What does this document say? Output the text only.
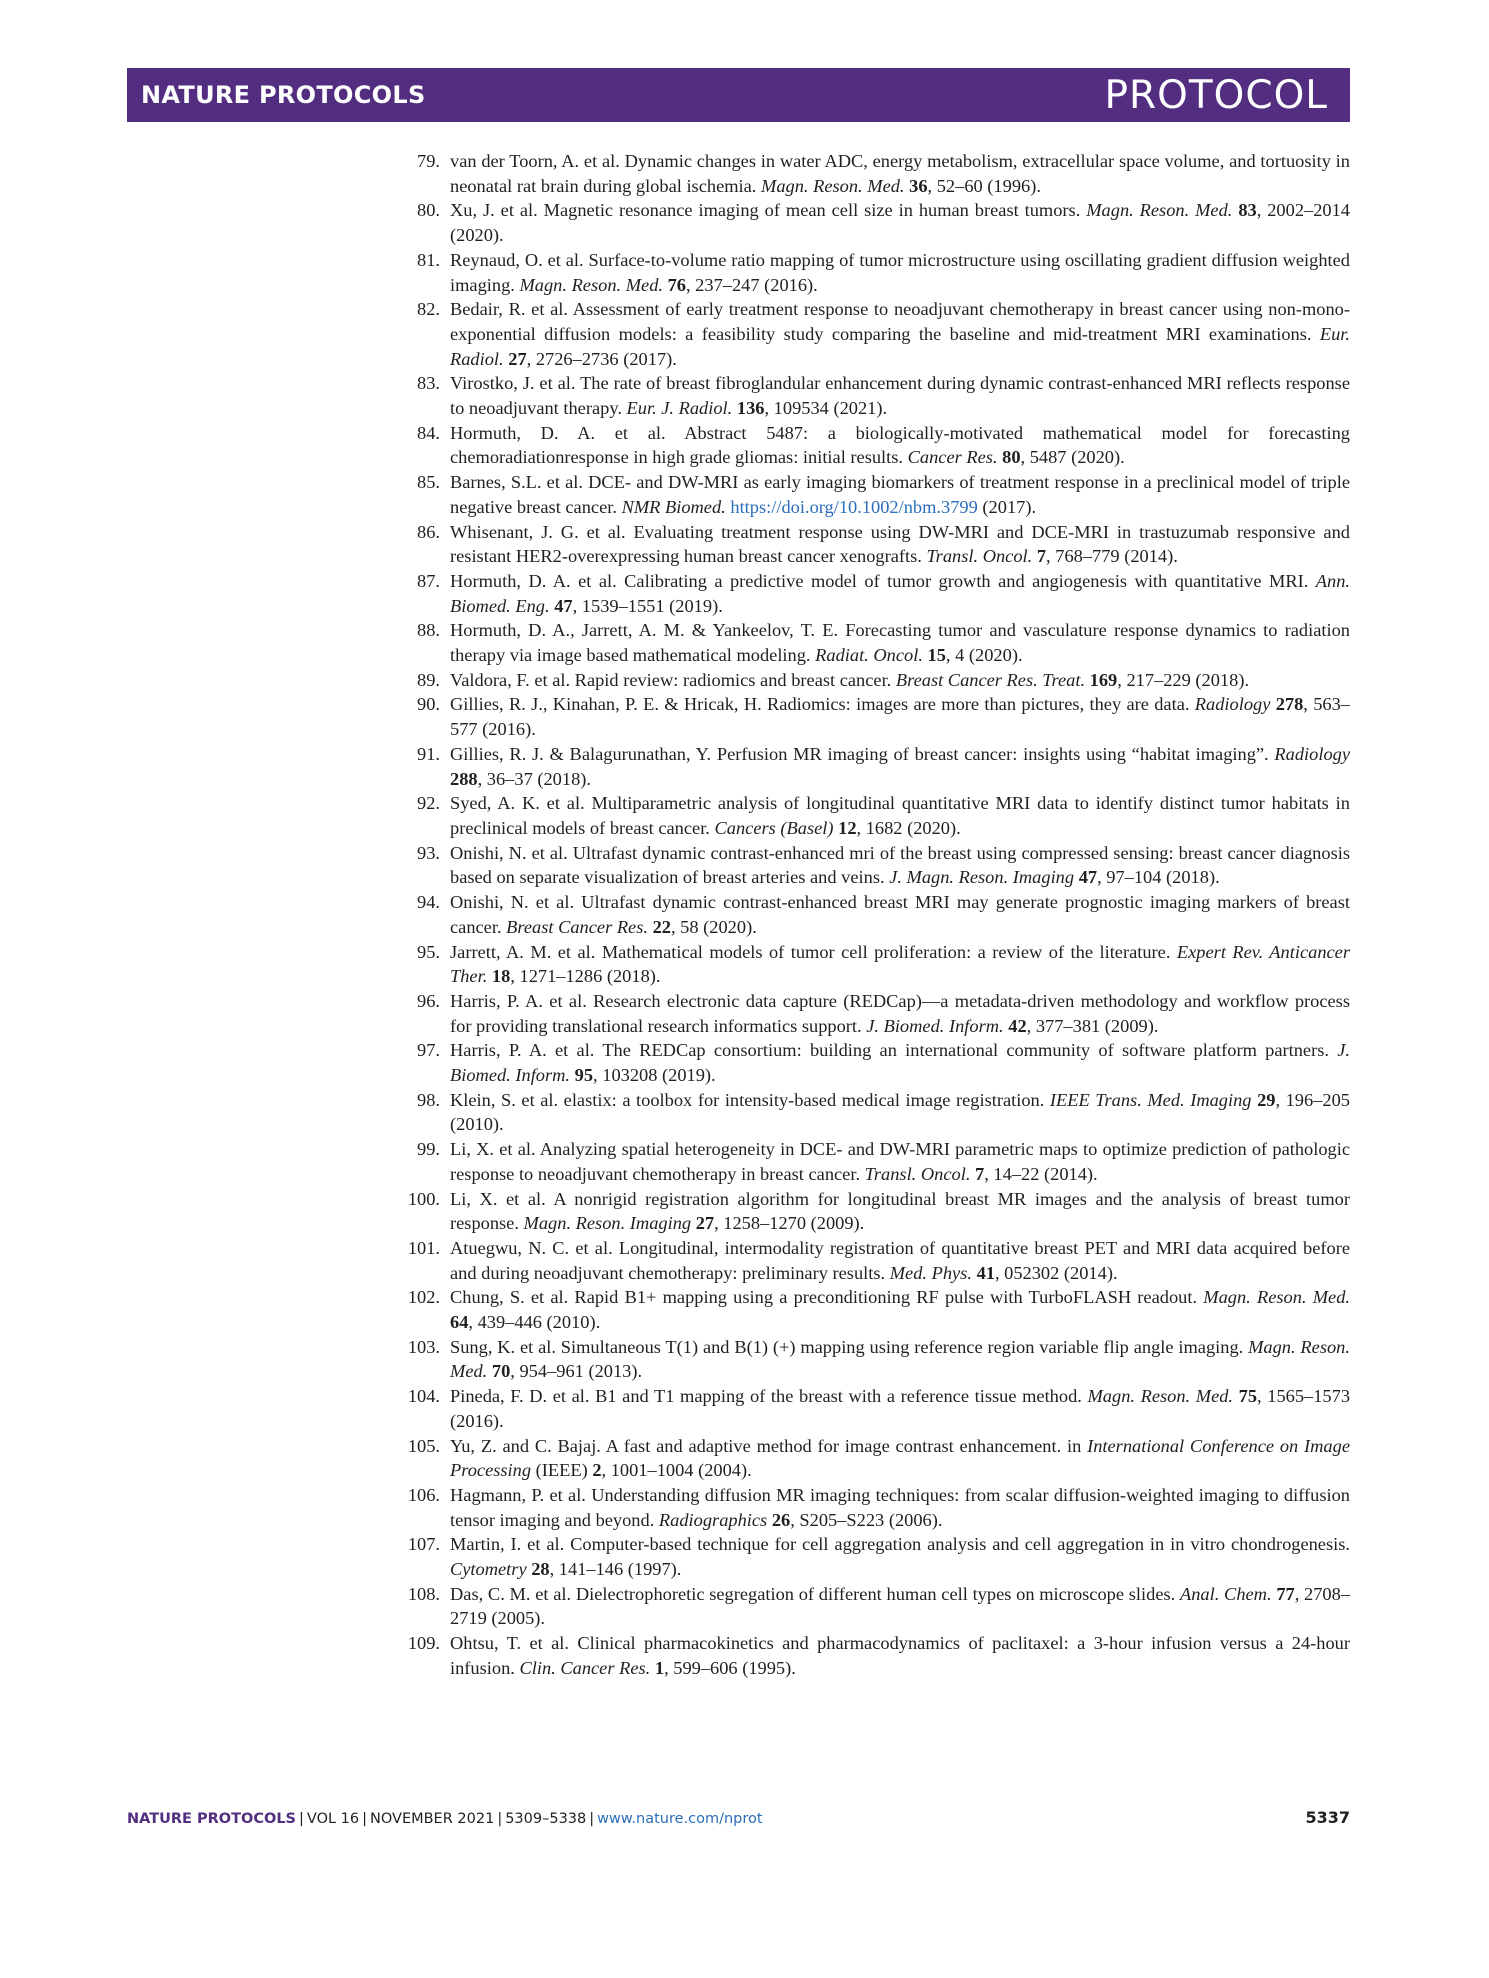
NATURE PROTOCOLS	PROTOCOL
79. van der Toorn, A. et al. Dynamic changes in water ADC, energy metabolism, extracellular space volume, and tortuosity in neonatal rat brain during global ischemia. Magn. Reson. Med. 36, 52–60 (1996).
80. Xu, J. et al. Magnetic resonance imaging of mean cell size in human breast tumors. Magn. Reson. Med. 83, 2002–2014 (2020).
81. Reynaud, O. et al. Surface-to-volume ratio mapping of tumor microstructure using oscillating gradient diffusion weighted imaging. Magn. Reson. Med. 76, 237–247 (2016).
82. Bedair, R. et al. Assessment of early treatment response to neoadjuvant chemotherapy in breast cancer using non-mono-exponential diffusion models: a feasibility study comparing the baseline and mid-treatment MRI examinations. Eur. Radiol. 27, 2726–2736 (2017).
83. Virostko, J. et al. The rate of breast fibroglandular enhancement during dynamic contrast-enhanced MRI reflects response to neoadjuvant therapy. Eur. J. Radiol. 136, 109534 (2021).
84. Hormuth, D. A. et al. Abstract 5487: a biologically-motivated mathematical model for forecasting chemoradiationresponse in high grade gliomas: initial results. Cancer Res. 80, 5487 (2020).
85. Barnes, S.L. et al. DCE- and DW-MRI as early imaging biomarkers of treatment response in a preclinical model of triple negative breast cancer. NMR Biomed. https://doi.org/10.1002/nbm.3799 (2017).
86. Whisenant, J. G. et al. Evaluating treatment response using DW-MRI and DCE-MRI in trastuzumab responsive and resistant HER2-overexpressing human breast cancer xenografts. Transl. Oncol. 7, 768–779 (2014).
87. Hormuth, D. A. et al. Calibrating a predictive model of tumor growth and angiogenesis with quantitative MRI. Ann. Biomed. Eng. 47, 1539–1551 (2019).
88. Hormuth, D. A., Jarrett, A. M. & Yankeelov, T. E. Forecasting tumor and vasculature response dynamics to radiation therapy via image based mathematical modeling. Radiat. Oncol. 15, 4 (2020).
89. Valdora, F. et al. Rapid review: radiomics and breast cancer. Breast Cancer Res. Treat. 169, 217–229 (2018).
90. Gillies, R. J., Kinahan, P. E. & Hricak, H. Radiomics: images are more than pictures, they are data. Radiology 278, 563–577 (2016).
91. Gillies, R. J. & Balagurunathan, Y. Perfusion MR imaging of breast cancer: insights using “habitat imaging”. Radiology 288, 36–37 (2018).
92. Syed, A. K. et al. Multiparametric analysis of longitudinal quantitative MRI data to identify distinct tumor habitats in preclinical models of breast cancer. Cancers (Basel) 12, 1682 (2020).
93. Onishi, N. et al. Ultrafast dynamic contrast-enhanced mri of the breast using compressed sensing: breast cancer diagnosis based on separate visualization of breast arteries and veins. J. Magn. Reson. Imaging 47, 97–104 (2018).
94. Onishi, N. et al. Ultrafast dynamic contrast-enhanced breast MRI may generate prognostic imaging markers of breast cancer. Breast Cancer Res. 22, 58 (2020).
95. Jarrett, A. M. et al. Mathematical models of tumor cell proliferation: a review of the literature. Expert Rev. Anticancer Ther. 18, 1271–1286 (2018).
96. Harris, P. A. et al. Research electronic data capture (REDCap)—a metadata-driven methodology and workflow process for providing translational research informatics support. J. Biomed. Inform. 42, 377–381 (2009).
97. Harris, P. A. et al. The REDCap consortium: building an international community of software platform partners. J. Biomed. Inform. 95, 103208 (2019).
98. Klein, S. et al. elastix: a toolbox for intensity-based medical image registration. IEEE Trans. Med. Imaging 29, 196–205 (2010).
99. Li, X. et al. Analyzing spatial heterogeneity in DCE- and DW-MRI parametric maps to optimize prediction of pathologic response to neoadjuvant chemotherapy in breast cancer. Transl. Oncol. 7, 14–22 (2014).
100. Li, X. et al. A nonrigid registration algorithm for longitudinal breast MR images and the analysis of breast tumor response. Magn. Reson. Imaging 27, 1258–1270 (2009).
101. Atuegwu, N. C. et al. Longitudinal, intermodality registration of quantitative breast PET and MRI data acquired before and during neoadjuvant chemotherapy: preliminary results. Med. Phys. 41, 052302 (2014).
102. Chung, S. et al. Rapid B1+ mapping using a preconditioning RF pulse with TurboFLASH readout. Magn. Reson. Med. 64, 439–446 (2010).
103. Sung, K. et al. Simultaneous T(1) and B(1) (+) mapping using reference region variable flip angle imaging. Magn. Reson. Med. 70, 954–961 (2013).
104. Pineda, F. D. et al. B1 and T1 mapping of the breast with a reference tissue method. Magn. Reson. Med. 75, 1565–1573 (2016).
105. Yu, Z. and C. Bajaj. A fast and adaptive method for image contrast enhancement. in International Conference on Image Processing (IEEE) 2, 1001–1004 (2004).
106. Hagmann, P. et al. Understanding diffusion MR imaging techniques: from scalar diffusion-weighted imaging to diffusion tensor imaging and beyond. Radiographics 26, S205–S223 (2006).
107. Martin, I. et al. Computer-based technique for cell aggregation analysis and cell aggregation in in vitro chondrogenesis. Cytometry 28, 141–146 (1997).
108. Das, C. M. et al. Dielectrophoretic segregation of different human cell types on microscope slides. Anal. Chem. 77, 2708–2719 (2005).
109. Ohtsu, T. et al. Clinical pharmacokinetics and pharmacodynamics of paclitaxel: a 3-hour infusion versus a 24-hour infusion. Clin. Cancer Res. 1, 599–606 (1995).
NATURE PROTOCOLS | VOL 16 | NOVEMBER 2021 | 5309–5338 | www.nature.com/nprot	5337
